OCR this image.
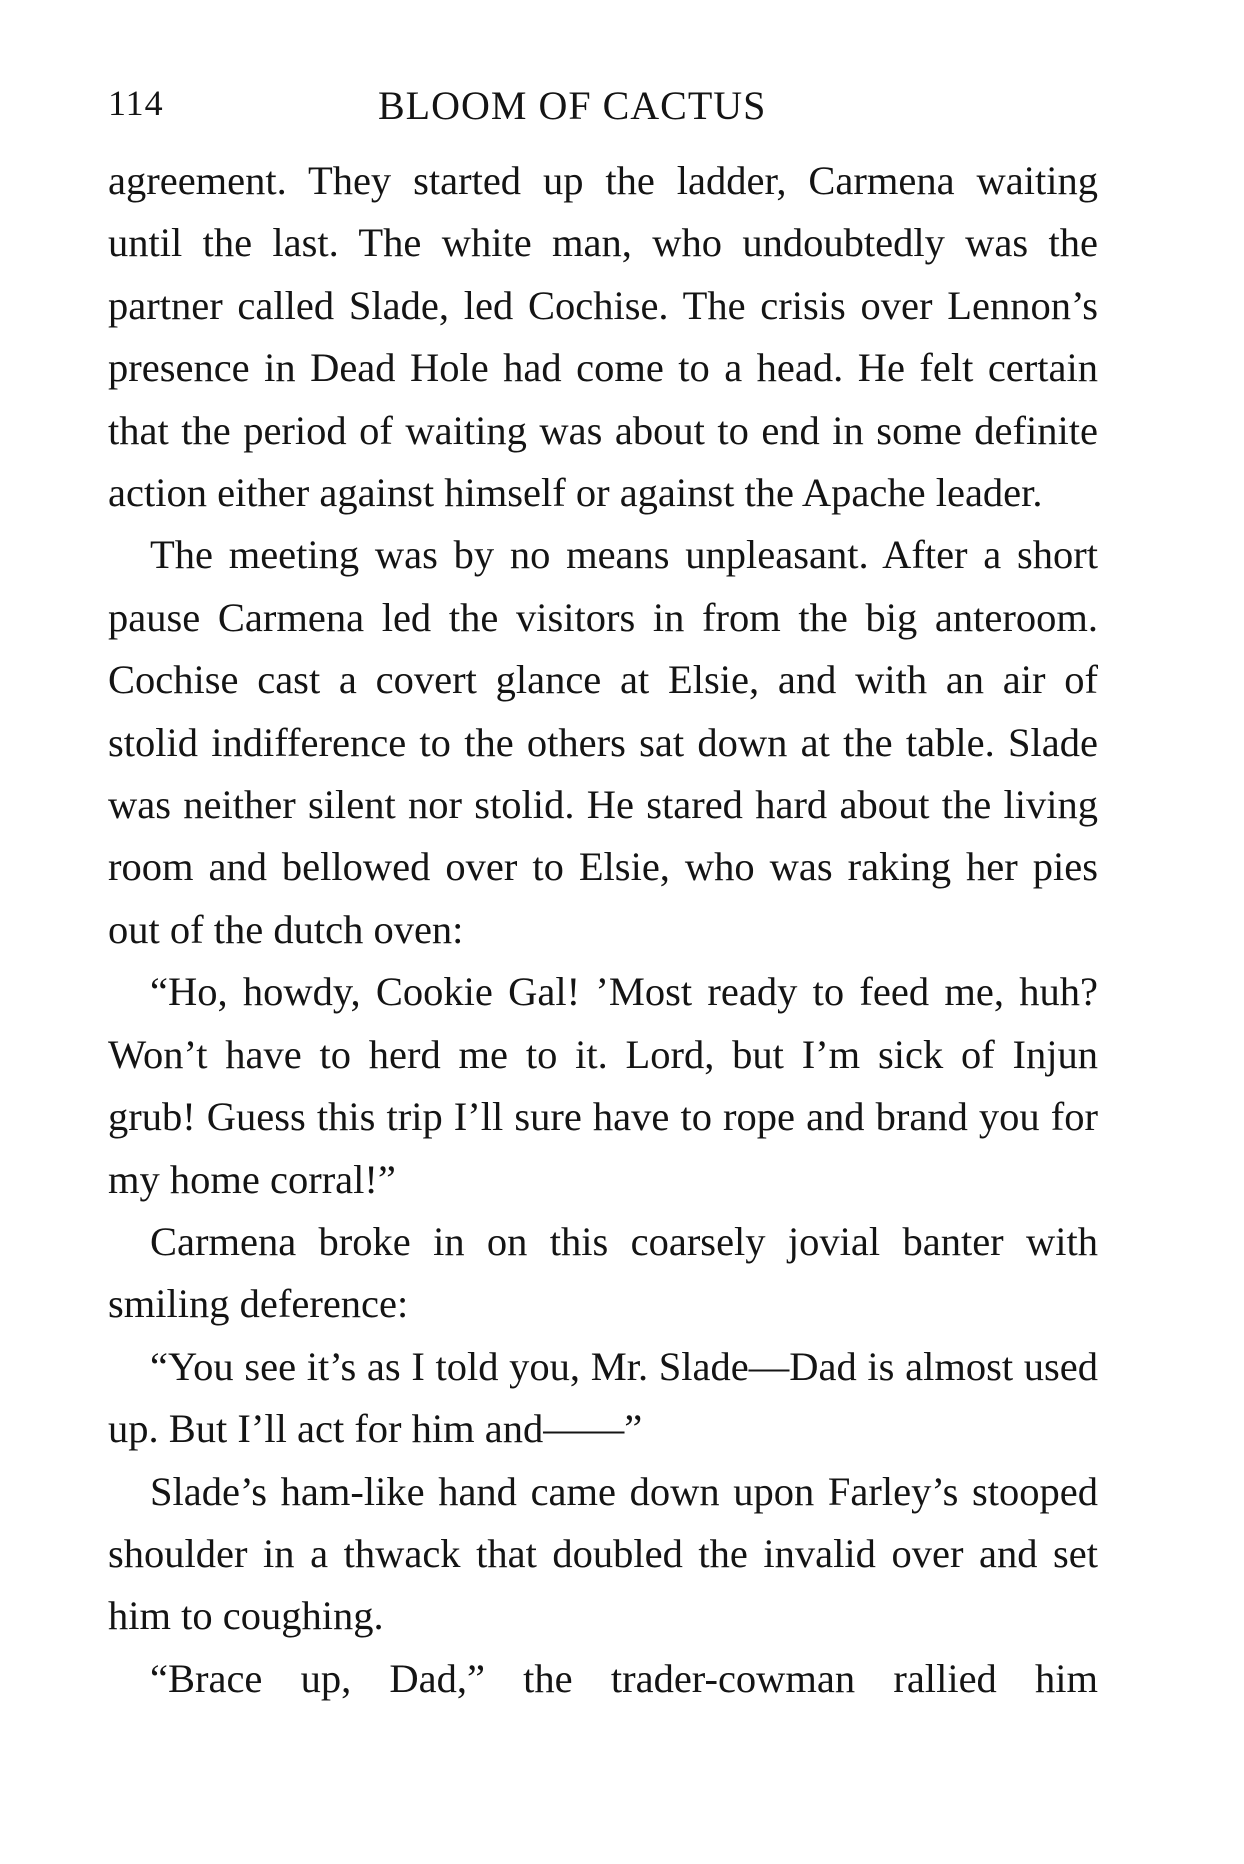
114	BLOOM OF CACTUS

agreement. They started up the ladder, Carmena waiting until the last. The white man, who undoubtedly was the partner called Slade, led Cochise. The crisis over Lennon’s presence in Dead Hole had come to a head. He felt certain that the period of waiting was about to end in some definite action either against himself or against the Apache leader.

The meeting was by no means unpleasant. After a short pause Carmena led the visitors in from the big anteroom. Cochise cast a covert glance at Elsie, and with an air of stolid indifference to the others sat down at the table. Slade was neither silent nor stolid. He stared hard about the living room and bellowed over to Elsie, who was raking her pies out of the dutch oven:

“Ho, howdy, Cookie Gal! ’Most ready to feed me, huh? Won’t have to herd me to it. Lord, but I’m sick of Injun grub! Guess this trip I’ll sure have to rope and brand you for my home corral!”

Carmena broke in on this coarsely jovial banter with smiling deference:

“You see it’s as I told you, Mr. Slade—Dad is almost used up. But I’ll act for him and——”

Slade’s ham-like hand came down upon Farley’s stooped shoulder in a thwack that doubled the invalid over and set him to coughing.

“Brace up, Dad,” the trader-cowman rallied him
